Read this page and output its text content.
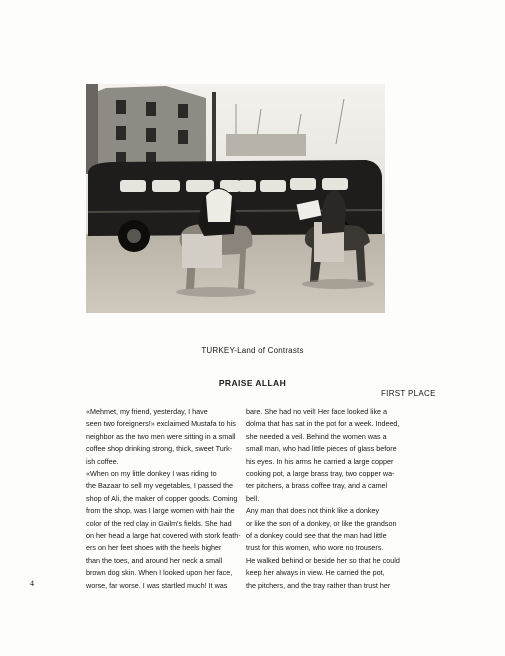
TURKEY-Land of Contrasts
PRAISE ALLAH
FIRST PLACE
«Mehmet, my friend, yesterday, I have
seen two foreigners!» exclaimed Mustafa to his
neighbor as the two men were sitting in a small
coffee shop drinking strong, thick, sweet Turk-
ish coffee.
«When on my little donkey I was riding to
the Bazaar to sell my vegetables, I passed the
shop of Ali, the maker of copper goods. Coming
from the shop, was I large women with hair the
color of the red clay in Gailm's fields. She had
on her head a large hat covered with stork feath-
ers on her feet shoes with the heels higher
than the toes, and around her neck a small
brown dog skin. When I looked upon her face,
worse, far worse. I was startled much! It was
bare. She had no veil! Her face looked like a
dolma that has sat in the pot for a week. Indeed,
she needed a veil. Behind the women was a
small man, who had little pieces of glass before
his eyes. In his arms he carried a large copper
cooking pot, a large brass tray, two copper wa-
ter pitchers, a brass coffee tray, and a camel
bell.
Any man that does not think like a donkey
or like the son of a donkey, or like the grandson
of a donkey could see that the man had little
trust for this women, who wore no trousers.
He walked behind or beside her so that he could
keep her always in view. He carried the pot,
the pitchers, and the tray rather than trust her
4
